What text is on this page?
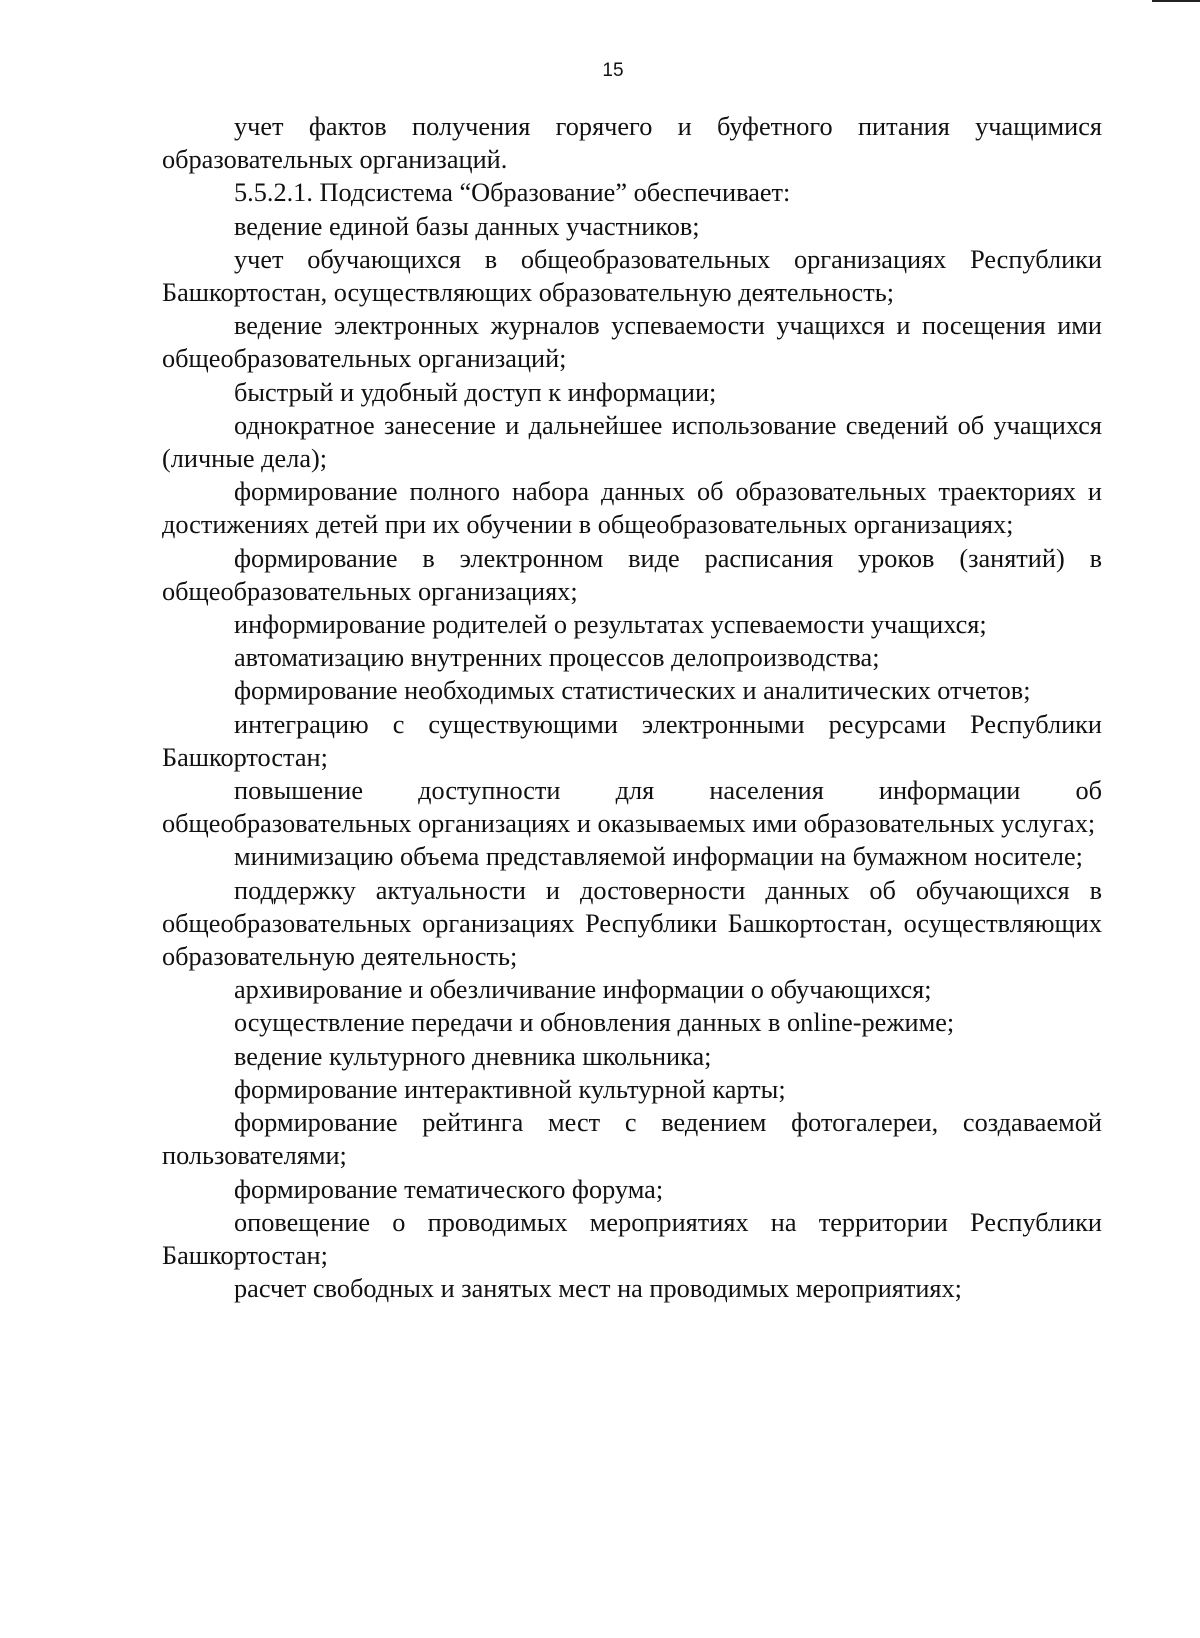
15

учет фактов получения горячего и буфетного питания учащимися образовательных организаций.

5.5.2.1. Подсистема “Образование” обеспечивает:

ведение единой базы данных участников;

учет обучающихся в общеобразовательных организациях Республики Башкортостан, осуществляющих образовательную деятельность;

ведение электронных журналов успеваемости учащихся и посещения ими общеобразовательных организаций;

быстрый и удобный доступ к информации;

однократное занесение и дальнейшее использование сведений об учащихся (личные дела);

формирование полного набора данных об образовательных траекториях и достижениях детей при их обучении в общеобразовательных организациях;

формирование в электронном виде расписания уроков (занятий) в общеобразовательных организациях;

информирование родителей о результатах успеваемости учащихся;

автоматизацию внутренних процессов делопроизводства;

формирование необходимых статистических и аналитических отчетов;

интеграцию с существующими электронными ресурсами Республики Башкортостан;

повышение доступности для населения информации об общеобразовательных организациях и оказываемых ими образовательных услугах;

минимизацию объема представляемой информации на бумажном носителе;

поддержку актуальности и достоверности данных об обучающихся в общеобразовательных организациях Республики Башкортостан, осуществляющих образовательную деятельность;

архивирование и обезличивание информации о обучающихся;

осуществление передачи и обновления данных в online-режиме;

ведение культурного дневника школьника;

формирование интерактивной культурной карты;

формирование рейтинга мест с ведением фотогалереи, создаваемой пользователями;

формирование тематического форума;

оповещение о проводимых мероприятиях на территории Республики Башкортостан;

расчет свободных и занятых мест на проводимых мероприятиях;
